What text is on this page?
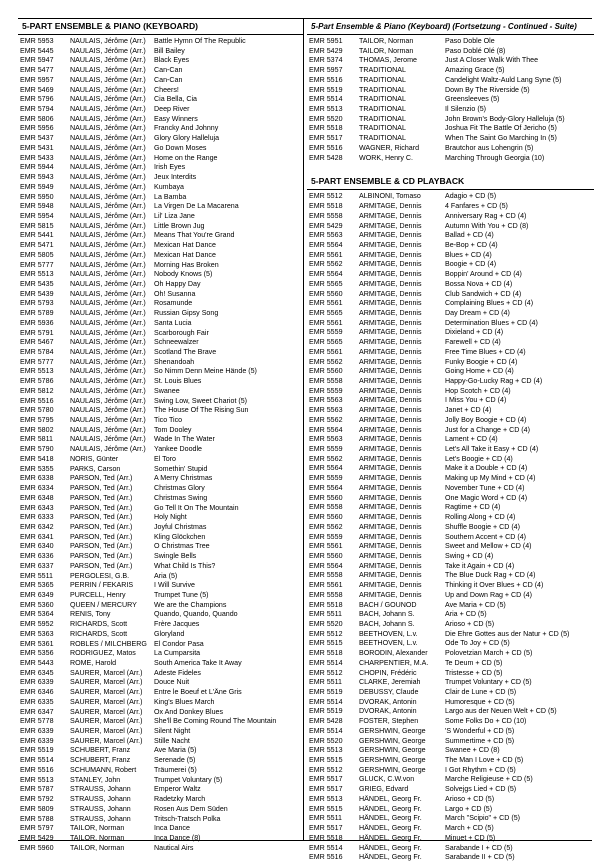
5-PART ENSEMBLE & PIANO (KEYBOARD)
EMR 5953	NAULAIS, Jérôme (Arr.)	Battle Hymn Of The Republic
EMR 5445	NAULAIS, Jérôme (Arr.)	Bill Bailey
EMR 5947	NAULAIS, Jérôme (Arr.)	Black Eyes
EMR 5477	NAULAIS, Jérôme (Arr.)	Can-Can
EMR 5957	NAULAIS, Jérôme (Arr.)	Can-Can
EMR 5469	NAULAIS, Jérôme (Arr.)	Cheers!
EMR 5796	NAULAIS, Jérôme (Arr.)	Cia Bella, Cia
EMR 5794	NAULAIS, Jérôme (Arr.)	Deep River
EMR 5806	NAULAIS, Jérôme (Arr.)	Easy Winners
EMR 5956	NAULAIS, Jérôme (Arr.)	Francky And Johnny
EMR 5437	NAULAIS, Jérôme (Arr.)	Glory Glory Halleluja
EMR 5431	NAULAIS, Jérôme (Arr.)	Go Down Moses
EMR 5433	NAULAIS, Jérôme (Arr.)	Home on the Range
EMR 5944	NAULAIS, Jérôme (Arr.)	Irish Eyes
EMR 5943	NAULAIS, Jérôme (Arr.)	Jeux Interdits
EMR 5949	NAULAIS, Jérôme (Arr.)	Kumbaya
EMR 5950	NAULAIS, Jérôme (Arr.)	La Bamba
EMR 5948	NAULAIS, Jérôme (Arr.)	La Virgen De La Macarena
EMR 5954	NAULAIS, Jérôme (Arr.)	Lil' Liza Jane
EMR 5815	NAULAIS, Jérôme (Arr.)	Little Brown Jug
EMR 5441	NAULAIS, Jérôme (Arr.)	Means That You're Grand
EMR 5471	NAULAIS, Jérôme (Arr.)	Mexican Hat Dance
EMR 5805	NAULAIS, Jérôme (Arr.)	Mexican Hat Dance
EMR 5777	NAULAIS, Jérôme (Arr.)	Morning Has Broken
EMR 5513	NAULAIS, Jérôme (Arr.)	Nobody Knows (5)
EMR 5435	NAULAIS, Jérôme (Arr.)	Oh Happy Day
EMR 5439	NAULAIS, Jérôme (Arr.)	Oh! Susanna
EMR 5793	NAULAIS, Jérôme (Arr.)	Rosamunde
EMR 5789	NAULAIS, Jérôme (Arr.)	Russian Gipsy Song
EMR 5936	NAULAIS, Jérôme (Arr.)	Santa Lucia
EMR 5791	NAULAIS, Jérôme (Arr.)	Scarborough Fair
EMR 5467	NAULAIS, Jérôme (Arr.)	Schneewalzer
EMR 5784	NAULAIS, Jérôme (Arr.)	Scotland The Brave
EMR 5777	NAULAIS, Jérôme (Arr.)	Shenandoah
EMR 5513	NAULAIS, Jérôme (Arr.)	So Nimm Denn Meine Hände (5)
EMR 5786	NAULAIS, Jérôme (Arr.)	St. Louis Blues
EMR 5812	NAULAIS, Jérôme (Arr.)	Swanee
EMR 5516	NAULAIS, Jérôme (Arr.)	Swing Low, Sweet Chariot (5)
EMR 5780	NAULAIS, Jérôme (Arr.)	The House Of The Rising Sun
EMR 5795	NAULAIS, Jérôme (Arr.)	Tico Tico
EMR 5802	NAULAIS, Jérôme (Arr.)	Tom Dooley
EMR 5811	NAULAIS, Jérôme (Arr.)	Wade In The Water
EMR 5790	NAULAIS, Jérôme (Arr.)	Yankee Doodle
EMR 5418	NORIS, Günter	El Toro
EMR 5355	PARKS, Carson	Somethin' Stupid
EMR 6338	PARSON, Ted (Arr.)	A Merry Christmas
EMR 6334	PARSON, Ted (Arr.)	Christmas Glory
EMR 6348	PARSON, Ted (Arr.)	Christmas Swing
EMR 6343	PARSON, Ted (Arr.)	Go Tell It On The Mountain
EMR 6333	PARSON, Ted (Arr.)	Holy Night
EMR 6342	PARSON, Ted (Arr.)	Joyful Christmas
EMR 6341	PARSON, Ted (Arr.)	Kling Glöckchen
EMR 6340	PARSON, Ted (Arr.)	O Christmas Tree
EMR 6336	PARSON, Ted (Arr.)	Swingle Bells
EMR 6337	PARSON, Ted (Arr.)	What Child Is This?
EMR 5511	PERGOLESI, G.B.	Aria (5)
EMR 5365	PERRIN / FEKARIS	I Will Survive
EMR 6349	PURCELL, Henry	Trumpet Tune (5)
EMR 5360	QUEEN / MERCURY	We are the Champions
EMR 5364	RENIS, Tony	Quando, Quando, Quando
EMR 5952	RICHARDS, Scott	Frère Jacques
EMR 5363	RICHARDS, Scott	Gloryland
EMR 5361	ROBLES / MILCHBERG	El Condor Pasa
EMR 5356	RODRIGUEZ, Matos	La Cumparsita
EMR 5443	ROME, Harold	South America Take It Away
EMR 6345	SAURER, Marcel (Arr.)	Adeste Fideles
EMR 6339	SAURER, Marcel (Arr.)	Douce Nuit
EMR 6346	SAURER, Marcel (Arr.)	Entre le Boeuf et L'Âne Gris
EMR 6335	SAURER, Marcel (Arr.)	King's Blues March
EMR 6347	SAURER, Marcel (Arr.)	Ox And Donkey Blues
EMR 5778	SAURER, Marcel (Arr.)	She'll Be Coming Round The Mountain
EMR 6339	SAURER, Marcel (Arr.)	Silent Night
EMR 6339	SAURER, Marcel (Arr.)	Stille Nacht
EMR 5519	SCHUBERT, Franz	Ave Maria (5)
EMR 5514	SCHUBERT, Franz	Serenade (5)
EMR 5516	SCHUMANN, Robert	Träumerei (5)
EMR 5513	STANLEY, John	Trumpet Voluntary (5)
EMR 5787	STRAUSS, Johann	Emperor Waltz
EMR 5792	STRAUSS, Johann	Radetzky March
EMR 5809	STRAUSS, Johann	Rosen Aus Dem Süden
EMR 5788	STRAUSS, Johann	Tritsch-Tratsch Polka
EMR 5797	TAILOR, Norman	Inca Dance
EMR 5429	TAILOR, Norman	Inca Dance (8)
EMR 5960	TAILOR, Norman	Nautical Airs
5-Part Ensemble & Piano (Keyboard) (Fortsetzung - Continued - Suite)
EMR 5951	TAILOR, Norman	Paso Doble Ole
EMR 5429	TAILOR, Norman	Paso Doblé Olé (8)
EMR 5374	THOMAS, Jerome	Just A Closer Walk With Thee
EMR 5957	TRADITIONAL	Amazing Grace (5)
EMR 5516	TRADITIONAL	Candelight Waltz-Auld Lang Syne (5)
EMR 5519	TRADITIONAL	Down By The Riverside (5)
EMR 5514	TRADITIONAL	Greensleeves (5)
EMR 5513	TRADITIONAL	Il Silenzio (5)
EMR 5520	TRADITIONAL	John Brown's Body-Glory Halleluja (5)
EMR 5518	TRADITIONAL	Joshua Fit The Battle Of Jericho (5)
EMR 5517	TRADITIONAL	When The Saint Go Marching In (5)
EMR 5516	WAGNER, Richard	Brautchor aus Lohengrin (5)
EMR 5428	WORK, Henry C.	Marching Through Georgia (10)
5-PART ENSEMBLE & CD PLAYBACK
EMR 5512	ALBINONI, Tomaso	Adagio + CD (5)
EMR 5518	ARMITAGE, Dennis	4 Fanfares + CD (5)
EMR 5558	ARMITAGE, Dennis	Anniversary Rag + CD (4)
EMR 5429	ARMITAGE, Dennis	Autumn With You + CD (8)
EMR 5563	ARMITAGE, Dennis	Ballad + CD (4)
EMR 5564	ARMITAGE, Dennis	Be-Bop + CD (4)
EMR 5561	ARMITAGE, Dennis	Blues + CD (4)
EMR 5562	ARMITAGE, Dennis	Boogie + CD (4)
EMR 5564	ARMITAGE, Dennis	Boppin' Around + CD (4)
EMR 5565	ARMITAGE, Dennis	Bossa Nova + CD (4)
EMR 5560	ARMITAGE, Dennis	Club Sandwich + CD (4)
EMR 5561	ARMITAGE, Dennis	Complaining Blues + CD (4)
EMR 5565	ARMITAGE, Dennis	Day Dream + CD (4)
EMR 5561	ARMITAGE, Dennis	Determination Blues + CD (4)
EMR 5559	ARMITAGE, Dennis	Dixieland + CD (4)
EMR 5565	ARMITAGE, Dennis	Farewell + CD (4)
EMR 5561	ARMITAGE, Dennis	Free Time Blues + CD (4)
EMR 5562	ARMITAGE, Dennis	Funky Boogie + CD (4)
EMR 5560	ARMITAGE, Dennis	Going Home + CD (4)
EMR 5558	ARMITAGE, Dennis	Happy-Go-Lucky Rag + CD (4)
EMR 5559	ARMITAGE, Dennis	Hop Scotch + CD (4)
EMR 5563	ARMITAGE, Dennis	I Miss You + CD (4)
EMR 5563	ARMITAGE, Dennis	Janet + CD (4)
EMR 5562	ARMITAGE, Dennis	Jolly Boy Boogie + CD (4)
EMR 5564	ARMITAGE, Dennis	Just for a Change + CD (4)
EMR 5563	ARMITAGE, Dennis	Lament + CD (4)
EMR 5559	ARMITAGE, Dennis	Let's All Take it Easy + CD (4)
EMR 5562	ARMITAGE, Dennis	Let's Boogie + CD (4)
EMR 5564	ARMITAGE, Dennis	Make it a Double + CD (4)
EMR 5559	ARMITAGE, Dennis	Making up My Mind + CD (4)
EMR 5564	ARMITAGE, Dennis	November Tune + CD (4)
EMR 5560	ARMITAGE, Dennis	One Magic Word + CD (4)
EMR 5558	ARMITAGE, Dennis	Ragtime + CD (4)
EMR 5560	ARMITAGE, Dennis	Rolling Along + CD (4)
EMR 5562	ARMITAGE, Dennis	Shuffle Boogie + CD (4)
EMR 5559	ARMITAGE, Dennis	Southern Accent + CD (4)
EMR 5561	ARMITAGE, Dennis	Sweet and Mellow + CD (4)
EMR 5560	ARMITAGE, Dennis	Swing + CD (4)
EMR 5564	ARMITAGE, Dennis	Take it Again + CD (4)
EMR 5558	ARMITAGE, Dennis	The Blue Duck Rag + CD (4)
EMR 5561	ARMITAGE, Dennis	Thinking it Over Blues + CD (4)
EMR 5558	ARMITAGE, Dennis	Up and Down Rag + CD (4)
EMR 5518	BACH / GOUNOD	Ave Maria + CD (5)
EMR 5511	BACH, Johann S.	Aria + CD (5)
EMR 5520	BACH, Johann S.	Arioso + CD (5)
EMR 5512	BEETHOVEN, L.v.	Die Ehre Gottes aus der Natur + CD (5)
EMR 5515	BEETHOVEN, L.v.	Ode To Joy + CD (5)
EMR 5518	BORODIN, Alexander	Polovetzian March + CD (5)
EMR 5514	CHARPENTIER, M.A.	Te Deum + CD (5)
EMR 5512	CHOPIN, Frédéric	Tristesse + CD (5)
EMR 5511	CLARKE, Jeremiah	Trumpet Voluntary + CD (5)
EMR 5519	DEBUSSY, Claude	Clair de Lune + CD (5)
EMR 5514	DVORAK, Antonin	Humoresque + CD (5)
EMR 5519	DVORAK, Antonin	Largo aus der Neuen Welt + CD (5)
EMR 5428	FOSTER, Stephen	Some Folks Do + CD (10)
EMR 5514	GERSHWIN, George	'S Wonderful + CD (5)
EMR 5520	GERSHWIN, George	Summertime + CD (5)
EMR 5513	GERSHWIN, George	Swanee + CD (8)
EMR 5515	GERSHWIN, George	The Man I Love + CD (5)
EMR 5512	GERSHWIN, George	I Got Rhythm + CD (5)
EMR 5517	GLUCK, C.W.von	Marche Religieuse + CD (5)
EMR 5517	GRIEG, Edvard	Solvejgs Lied + CD (5)
EMR 5513	HÄNDEL, Georg Fr.	Arioso + CD (5)
EMR 5515	HÄNDEL, Georg Fr.	Largo + CD (5)
EMR 5511	HÄNDEL, Georg Fr.	March "Scipio" + CD (5)
EMR 5517	HÄNDEL, Georg Fr.	March + CD (5)
EMR 5518	HÄNDEL, Georg Fr.	Minuet + CD (5)
EMR 5514	HÄNDEL, Georg Fr.	Sarabande I + CD (5)
EMR 5516	HÄNDEL, Georg Fr.	Sarabande II + CD (5)
